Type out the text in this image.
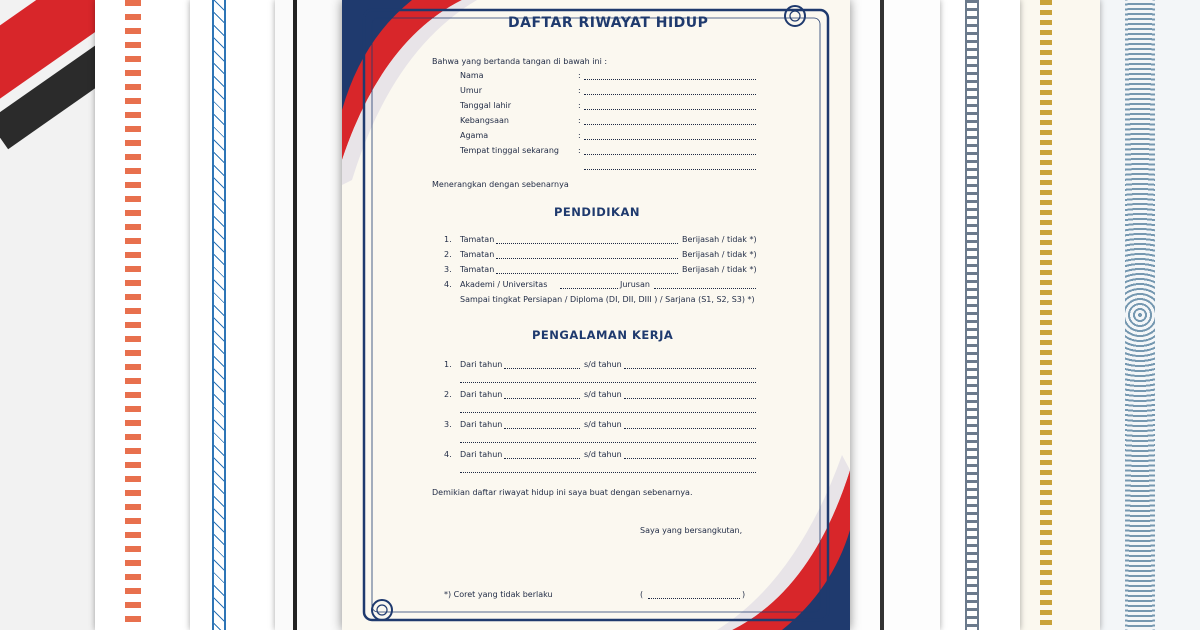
DAFTAR RIWAYAT HIDUP
Bahwa yang bertanda tangan di bawah ini :
Nama	:
Umur	:
Tanggal lahir	:
Kebangsaan	:
Agama	:
Tempat tinggal sekarang :
Menerangkan dengan sebenarnya
PENDIDIKAN
1. Tamatan	Berijasah / tidak *)
2. Tamatan	Berijasah / tidak *)
3. Tamatan	Berijasah / tidak *)
4. Akademi / Universitas	Jurusan
Sampai tingkat Persiapan / Diploma (DI, DII, DIII ) / Sarjana (S1, S2, S3) *)
PENGALAMAN KERJA
1. Dari tahun	s/d tahun
2. Dari tahun	s/d tahun
3. Dari tahun	s/d tahun
4. Dari tahun	s/d tahun
Demikian daftar riwayat hidup ini saya buat dengan sebenarnya.
Saya yang bersangkutan,
*) Coret yang tidak berlaku	(	)
